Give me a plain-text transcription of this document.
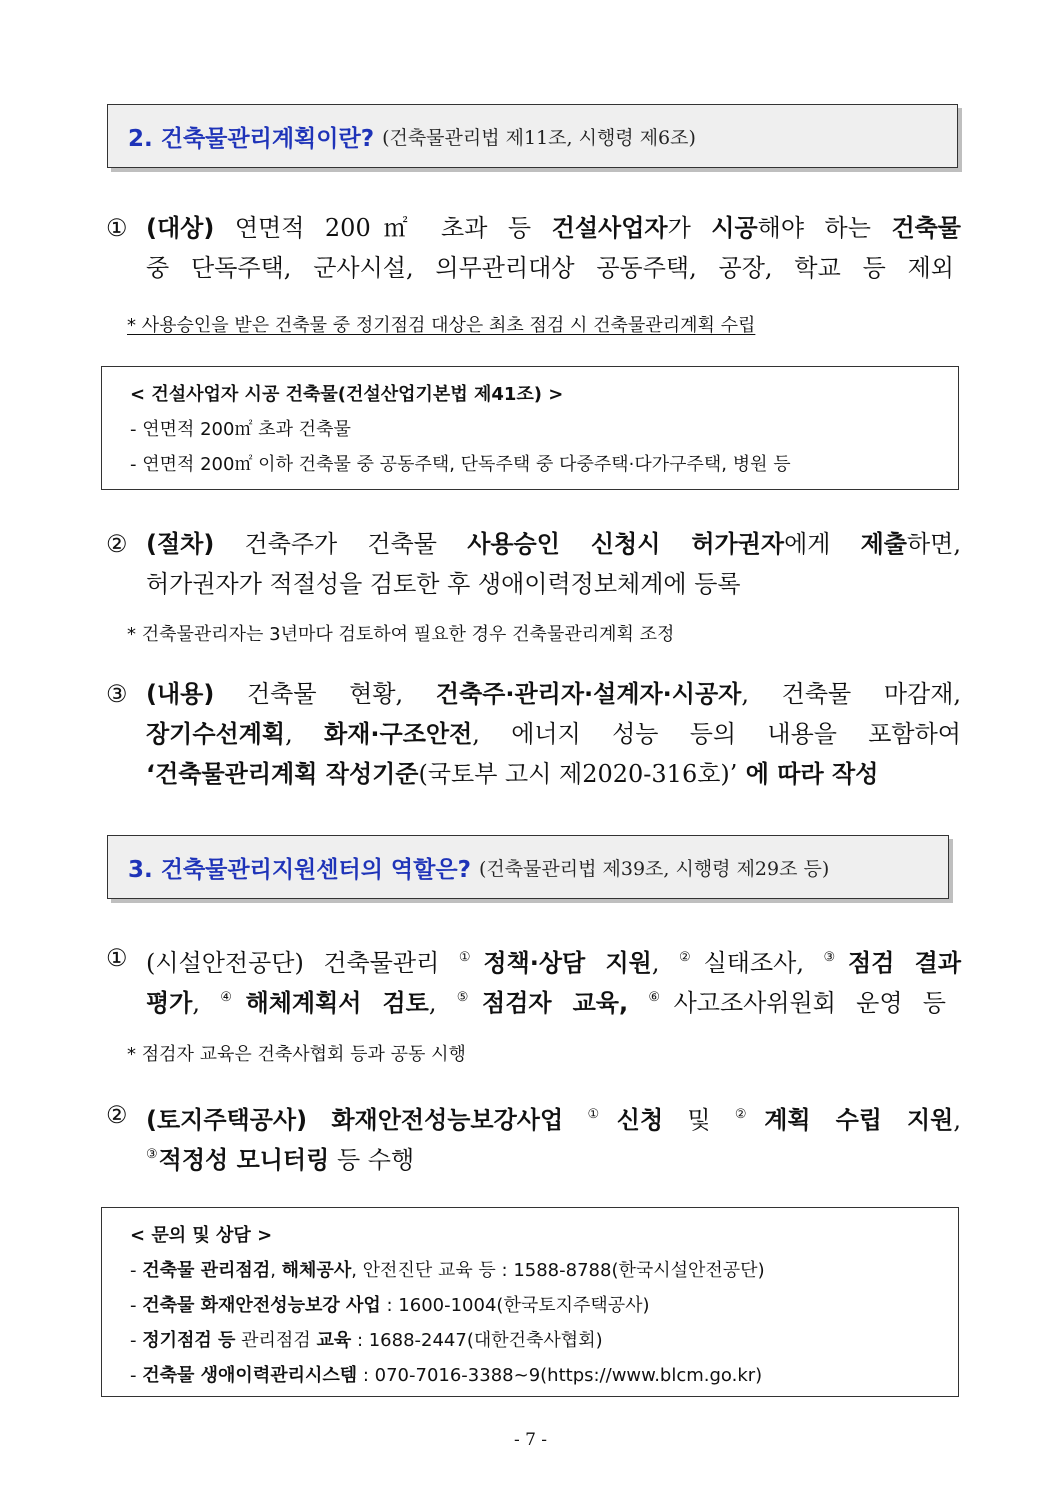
2. 건축물관리계획이란? (건축물관리법 제11조, 시행령 제6조)
① (대상) 연면적 200㎡ 초과 등 건설사업자가 시공해야 하는 건축물
중 단독주택, 군사시설, 의무관리대상 공동주택, 공장, 학교 등 제외
* 사용승인을 받은 건축물 중 정기점검 대상은 최초 점검 시 건축물관리계획 수립
< 건설사업자 시공 건축물(건설산업기본법 제41조) >
- 연면적 200㎡ 초과 건축물
- 연면적 200㎡ 이하 건축물 중 공동주택, 단독주택 중 다중주택·다가구주택, 병원 등
② (절차) 건축주가 건축물 사용승인 신청시 허가권자에게 제출하면,
허가권자가 적절성을 검토한 후 생애이력정보체계에 등록
* 건축물관리자는 3년마다 검토하여 필요한 경우 건축물관리계획 조정
③ (내용) 건축물 현황, 건축주·관리자·설계자·시공자, 건축물 마감재,
장기수선계획, 화재·구조안전, 에너지 성능 등의 내용을 포함하여
‘건축물관리계획 작성기준(국토부 고시 제2020-316호)’ 에 따라 작성
3. 건축물관리지원센터의 역할은? (건축물관리법 제39조, 시행령 제29조 등)
① (시설안전공단) 건축물관리 ①정책·상담 지원, ②실태조사, ③점검 결과
평가, ④해체계획서 검토, ⑤점검자 교육, ⑥사고조사위원회 운영 등
* 점검자 교육은 건축사협회 등과 공동 시행
② (토지주택공사) 화재안전성능보강사업 ①신청 및 ②계획 수립 지원,
③적정성 모니터링 등 수행
< 문의 및 상담 >
- 건축물 관리점검, 해체공사, 안전진단 교육 등 : 1588-8788(한국시설안전공단)
- 건축물 화재안전성능보강 사업 : 1600-1004(한국토지주택공사)
- 정기점검 등 관리점검 교육 : 1688-2447(대한건축사협회)
- 건축물 생애이력관리시스템 : 070-7016-3388~9(https://www.blcm.go.kr)
- 7 -
